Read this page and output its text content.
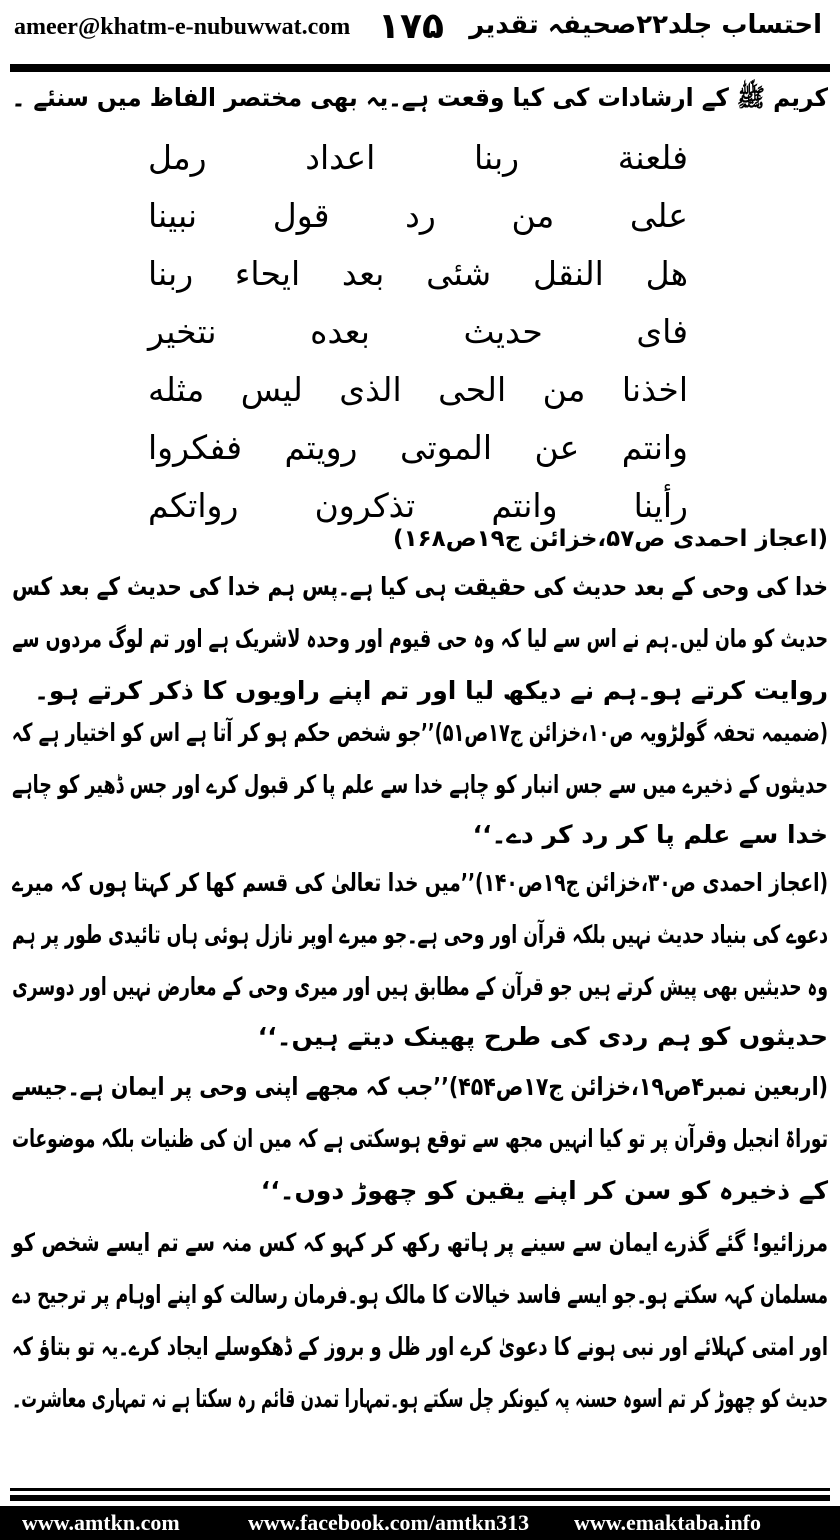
ameer@khatm-e-nubuwwat.com ۱۷۵ احتساب جلد۲۲صحیفہ تقدیر
کریم ﷺ کے ارشادات کی کیا وقعت ہے۔یہ بھی مختصر الفاظ میں سنئے ۔
فلعنة ربنا اعداد رمل
علی من رد قول نبینا
هل النقل شئی بعد ایحاء ربنا
فای حدیث بعده نتخیر
اخذنا من الحی الذی لیس مثله
وانتم عن الموتی رویتم ففکروا
رأینا وانتم تذکرون رواتکم
(اعجاز احمدی ص۵۷،خزائن ج۱۹ص۱۶۸)
خدا کی وحی کے بعد حدیث کی حقیقت ہی کیا ہے۔پس ہم خدا کی حدیث کے بعد کس
حدیث کو مان لیں۔ہم نے اس سے لیا کہ وہ حی قیوم اور وحدہ لاشریک ہے اور تم لوگ مردوں سے
روایت کرتے ہو۔ہم نے دیکھ لیا اور تم اپنے راویوں کا ذکر کرتے ہو۔
(ضمیمہ تحفہ گولڑویہ ص۱۰،خزائن ج۱۷ص۵۱)’’جو شخص حکم ہو کر آتا ہے اس کو اختیار ہے کہ
حدیثوں کے ذخیرے میں سے جس انبار کو چاہے خدا سے علم پا کر قبول کرے اور جس ڈھیر کو چاہے
خدا سے علم پا کر رد کر دے۔‘‘
(اعجاز احمدی ص۳۰،خزائن ج۱۹ص۱۴۰)’’میں خدا تعالیٰ کی قسم کھا کر کہتا ہوں کہ میرے
دعوے کی بنیاد حدیث نہیں بلکہ قرآن اور وحی ہے۔جو میرے اوپر نازل ہوئی ہاں تائیدی طور پر ہم
وہ حدیثیں بھی پیش کرتے ہیں جو قرآن کے مطابق ہیں اور میری وحی کے معارض نہیں اور دوسری
حدیثوں کو ہم ردی کی طرح پھینک دیتے ہیں۔‘‘
(اربعین نمبر۴ص۱۹،خزائن ج۱۷ص۴۵۴)’’جب کہ مجھے اپنی وحی پر ایمان ہے۔جیسے
توراۃ انجیل وقرآن پر تو کیا انہیں مجھ سے توقع ہوسکتی ہے کہ میں ان کی ظنیات بلکہ موضوعات
کے ذخیرہ کو سن کر اپنے یقین کو چھوڑ دوں۔‘‘
مرزائیو! گئے گذرے ایمان سے سینے پر ہاتھ رکھ کر کہو کہ کس منہ سے تم ایسے شخص کو
مسلمان کہہ سکتے ہو۔جو ایسے فاسد خیالات کا مالک ہو۔فرمان رسالت کو اپنے اوہام پر ترجیح دے
اور امتی کہلائے اور نبی ہونے کا دعویٰ کرے اور ظل و بروز کے ڈھکوسلے ایجاد کرے۔یہ تو بتاؤ کہ
حدیث کو چھوڑ کر تم اسوہ حسنہ پہ کیونکر چل سکتے ہو۔تمہارا تمدن قائم رہ سکتا ہے نہ تمہاری معاشرت۔
www.amtkn.com	www.facebook.com/amtkn313 www.emaktaba.info
